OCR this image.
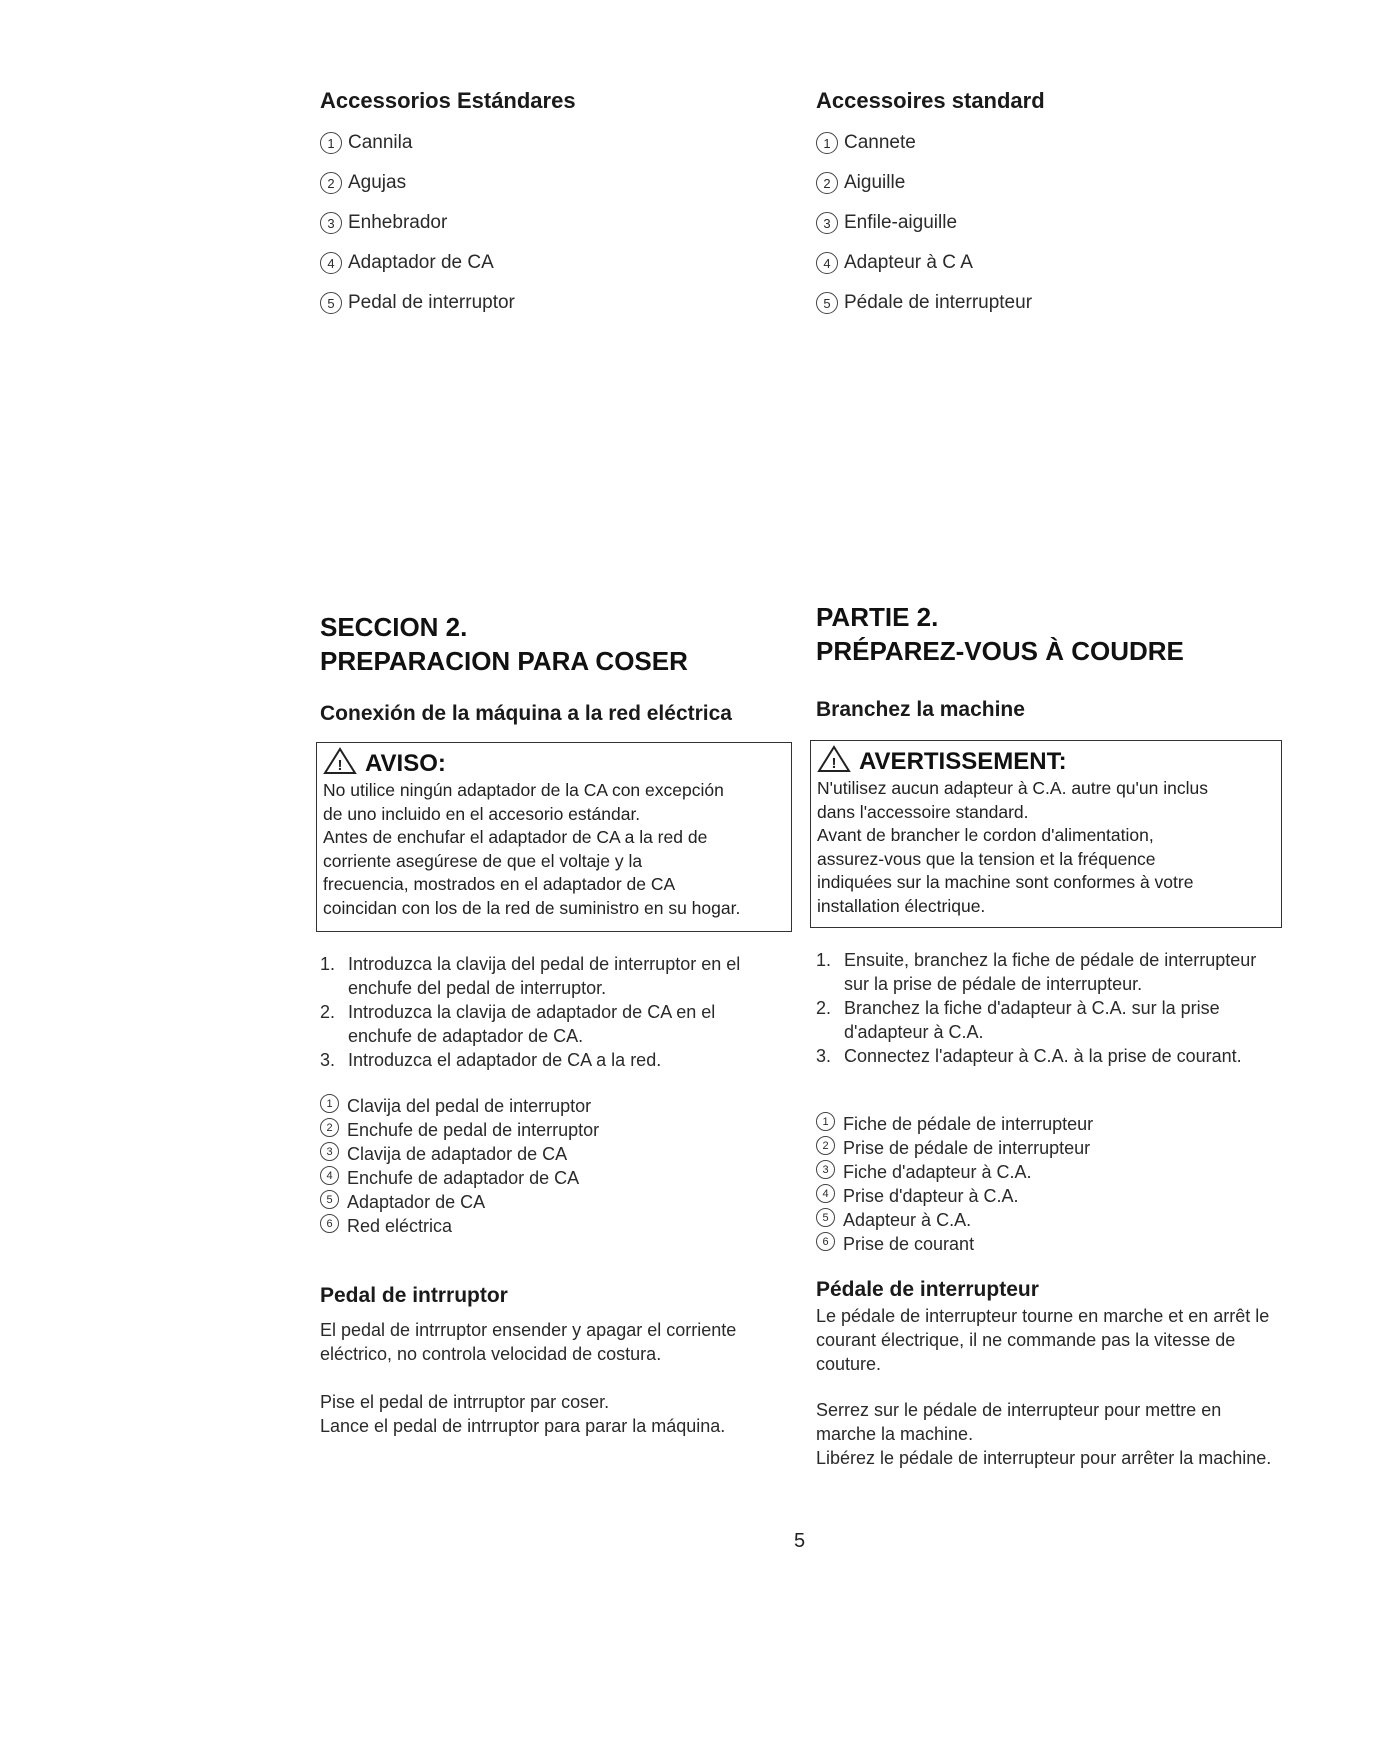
Accessorios Estándares

1 Cannila
2 Agujas
3 Enhebrador
4 Adaptador de CA
5 Pedal de interruptor

Accessoires standard

1 Cannete
2 Aiguille
3 Enfile-aiguille
4 Adapteur à C A
5 Pédale de interrupteur

SECCION 2.

PREPARACION PARA COSER

PARTIE 2.

PRÉPAREZ-VOUS À COUDRE

Conexión de la máquina a la red eléctrica	Branchez la machine

! AVISO:
No utilice ningún adaptador de la CA con excepción
de uno incluido en el accesorio estándar.
Antes de enchufar el adaptador de CA a la red de
corriente asegúrese de que el voltaje y la
frecuencia, mostrados en el adaptador de CA
coincidan con los de la red de suministro en su hogar.
! AVERTISSEMENT:
N'utilisez aucun adapteur à C.A. autre qu'un inclus
dans l'accessoire standard.
Avant de brancher le cordon d'alimentation,
assurez-vous que la tension et la fréquence
indiquées sur la machine sont conformes à votre
installation électrique.
1. Introduzca la clavija del pedal de interruptor en el enchufe del pedal de interruptor.
2. Introduzca la clavija de adaptador de CA en el enchufe de adaptador de CA.
3. Introduzca el adaptador de CA a la red.
1. Ensuite, branchez la fiche de pédale de interrupteur sur la prise de pédale de interrupteur.
2. Branchez la fiche d'adapteur à C.A. sur la prise d'adapteur à C.A.
3. Connectez l'adapteur à C.A. à la prise de courant.
1 Clavija del pedal de interruptor
2 Enchufe de pedal de interruptor
3 Clavija de adaptador de CA
4 Enchufe de adaptador de CA
5 Adaptador de CA
6 Red eléctrica
1 Fiche de pédale de interrupteur
2 Prise de pédale de interrupteur
3 Fiche d'adapteur à C.A.
4 Prise d'dapteur à C.A.
5 Adapteur à C.A.
6 Prise de courant

Pedal de intrruptor

El pedal de intrruptor ensender y apagar el corriente eléctrico, no controla velocidad de costura.
Pise el pedal de intrruptor par coser.
Lance el pedal de intrruptor para parar la máquina.

Pédale de interrupteur

Le pédale de interrupteur tourne en marche et en arrêt le courant électrique, il ne commande pas la vitesse de couture.
Serrez sur le pédale de interrupteur pour mettre en marche la machine.
Libérez le pédale de interrupteur pour arrêter la machine.
5
